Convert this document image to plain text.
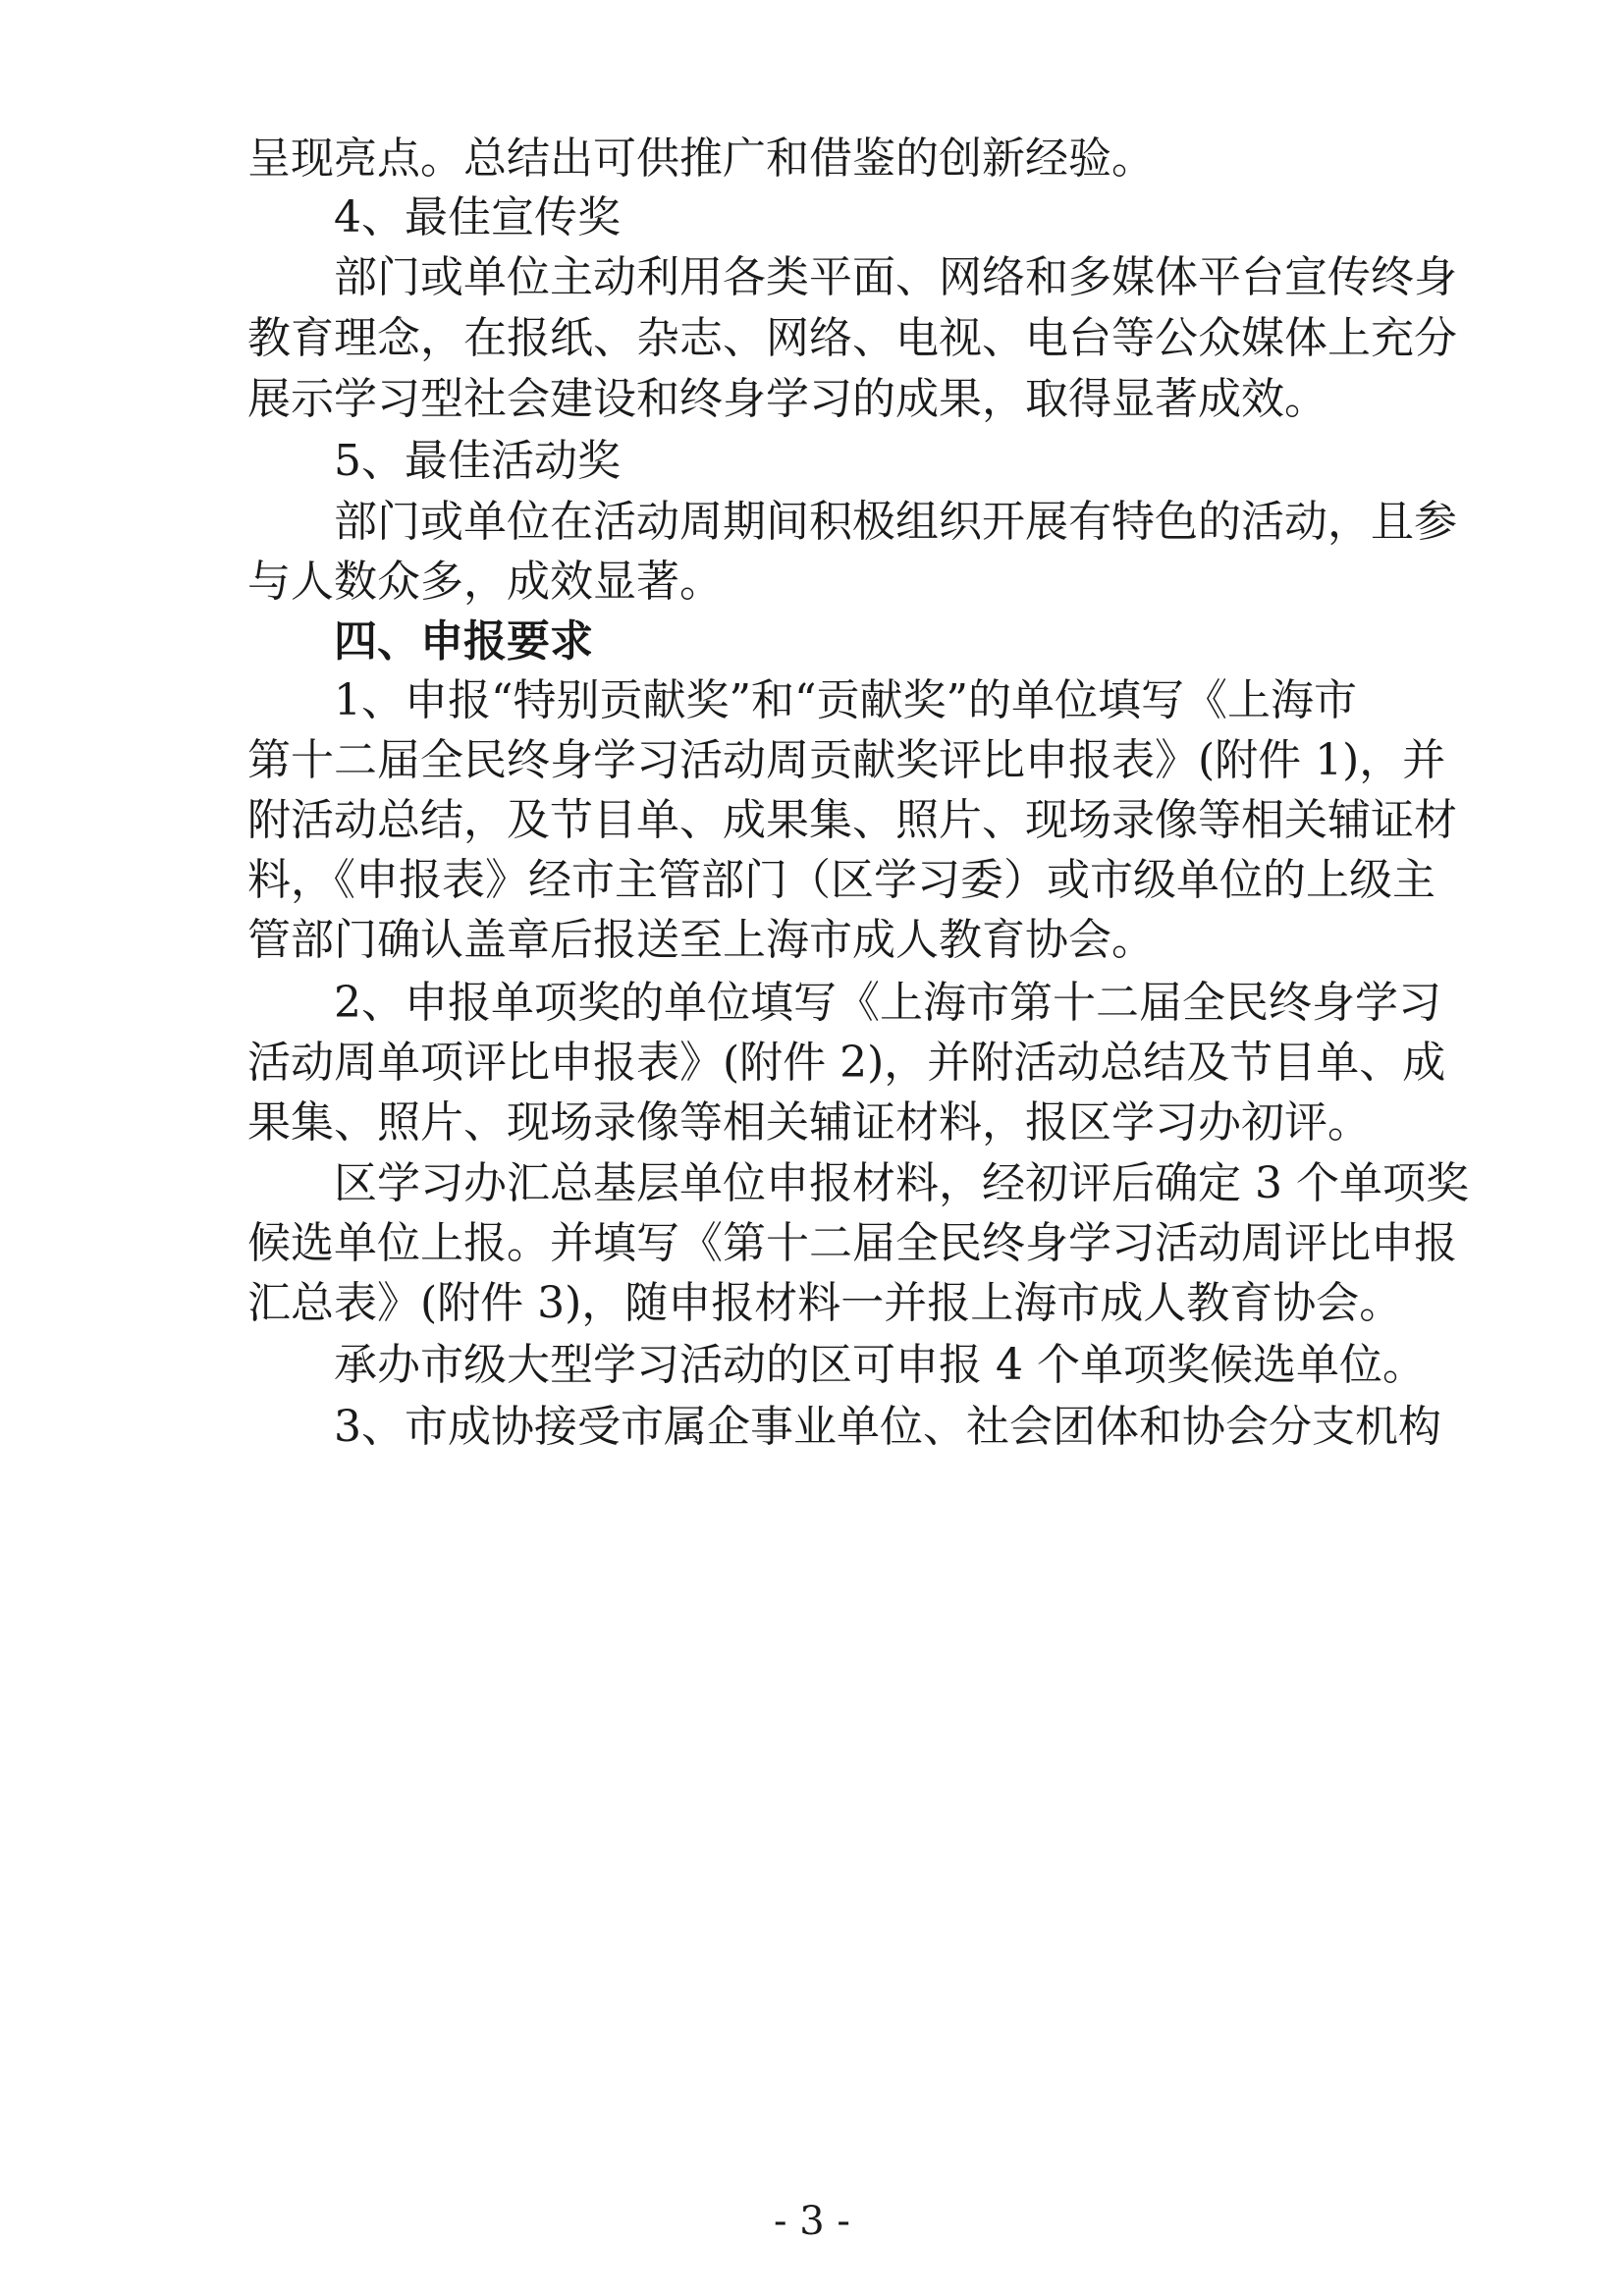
呈现亮点。总结出可供推广和借鉴的创新经验。
4、最佳宣传奖
部门或单位主动利用各类平面、网络和多媒体平台宣传终身
教育理念，在报纸、杂志、网络、电视、电台等公众媒体上充分
展示学习型社会建设和终身学习的成果，取得显著成效。
5、最佳活动奖
部门或单位在活动周期间积极组织开展有特色的活动，且参
与人数众多，成效显著。
四、申报要求
1、申报“特别贡献奖”和“贡献奖”的单位填写《上海市
第十二届全民终身学习活动周贡献奖评比申报表》(附件 1)，并
附活动总结，及节目单、成果集、照片、现场录像等相关辅证材
料，《申报表》经市主管部门（区学习委）或市级单位的上级主
管部门确认盖章后报送至上海市成人教育协会。
2、申报单项奖的单位填写《上海市第十二届全民终身学习
活动周单项评比申报表》(附件 2)，并附活动总结及节目单、成
果集、照片、现场录像等相关辅证材料，报区学习办初评。
区学习办汇总基层单位申报材料，经初评后确定 3 个单项奖
候选单位上报。并填写《第十二届全民终身学习活动周评比申报
汇总表》(附件 3)，随申报材料一并报上海市成人教育协会。
承办市级大型学习活动的区可申报 4 个单项奖候选单位。
3、市成协接受市属企事业单位、社会团体和协会分支机构
- 3 -
